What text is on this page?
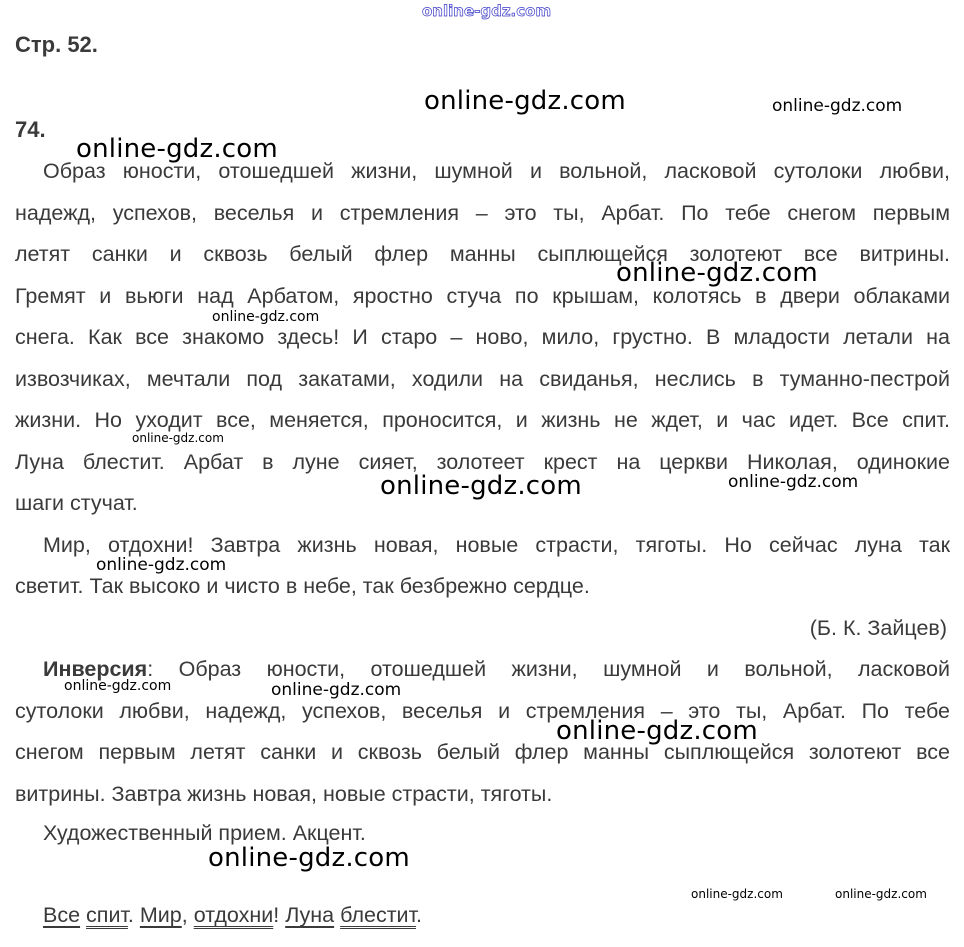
Стр. 52.
74.
Образ юности, отошедшей жизни, шумной и вольной, ласковой сутолоки любви,
надежд, успехов, веселья и стремления – это ты, Арбат. По тебе снегом первым
летят санки и сквозь белый флер манны сыплющейся золотеют все витрины.
Гремят и вьюги над Арбатом, яростно стуча по крышам, колотясь в двери облаками
снега. Как все знакомо здесь! И старо – ново, мило, грустно. В младости летали на
извозчиках, мечтали под закатами, ходили на свиданья, неслись в туманно-пестрой
жизни. Но уходит все, меняется, проносится, и жизнь не ждет, и час идет. Все спит.
Луна блестит. Арбат в луне сияет, золотеет крест на церкви Николая, одинокие
шаги стучат.
Мир, отдохни! Завтра жизнь новая, новые страсти, тяготы. Но сейчас луна так
светит. Так высоко и чисто в небе, так безбрежно сердце.
(Б. К. Зайцев)
Инверсия: Образ юности, отошедшей жизни, шумной и вольной, ласковой
сутолоки любви, надежд, успехов, веселья и стремления – это ты, Арбат. По тебе
снегом первым летят санки и сквозь белый флер манны сыплющейся золотеют все
витрины. Завтра жизнь новая, новые страсти, тяготы.
Художественный прием. Акцент.
Все спит. Мир, отдохни! Луна блестит.
online-gdz.com
online-gdz.com	online-gdz.com
online-gdz.com
online-gdz.com
online-gdz.com
online-gdz.com
online-gdz.com	online-gdz.com
online-gdz.com
online-gdz.com	online-gdz.com
online-gdz.com
online-gdz.com
online-gdz.com	online-gdz.com
